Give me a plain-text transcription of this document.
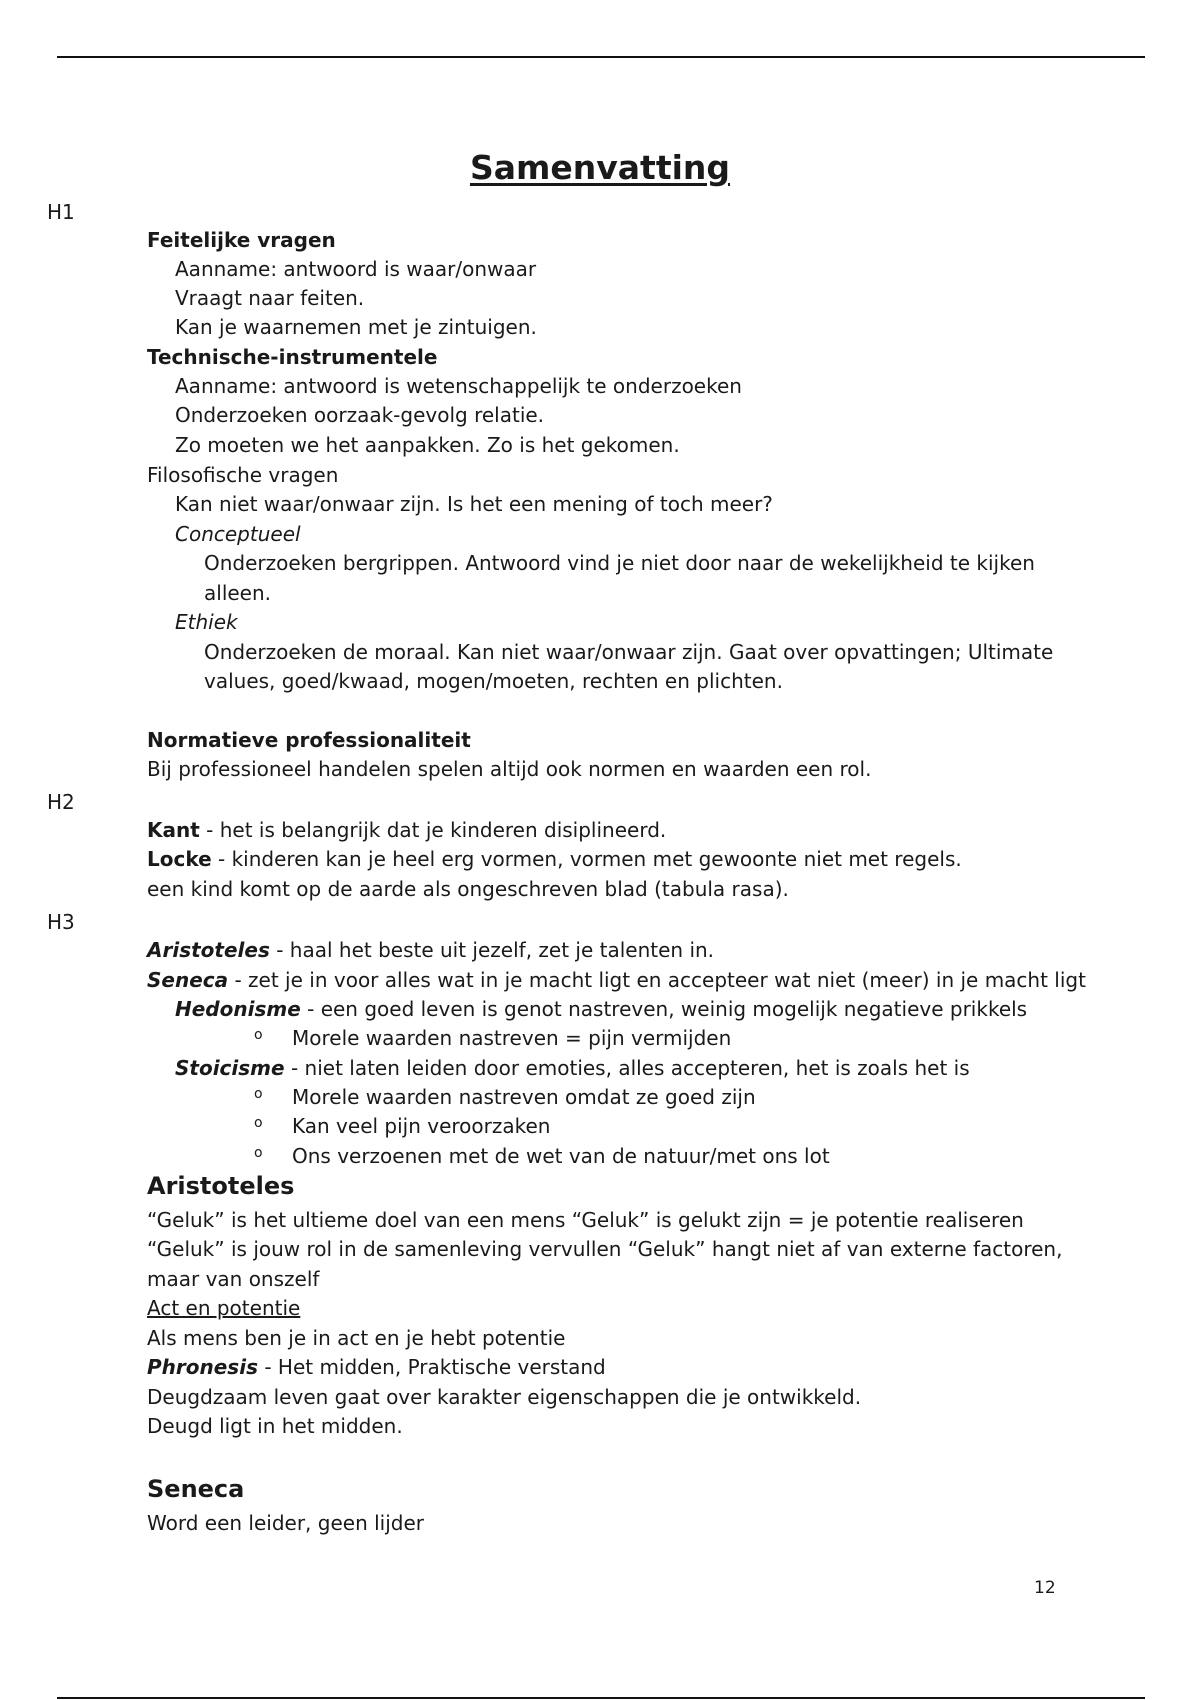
Samenvatting
H1
Feitelijke vragen
Aanname: antwoord is waar/onwaar
Vraagt naar feiten.
Kan je waarnemen met je zintuigen.
Technische-instrumentele
Aanname: antwoord is wetenschappelijk te onderzoeken
Onderzoeken oorzaak-gevolg relatie.
Zo moeten we het aanpakken. Zo is het gekomen.
Filosofische vragen
Kan niet waar/onwaar zijn. Is het een mening of toch meer?
Conceptueel
Onderzoeken bergrippen. Antwoord vind je niet door naar de wekelijkheid te kijken
alleen.
Ethiek
Onderzoeken de moraal. Kan niet waar/onwaar zijn. Gaat over opvattingen; Ultimate
values, goed/kwaad, mogen/moeten, rechten en plichten.
Normatieve professionaliteit
Bij professioneel handelen spelen altijd ook normen en waarden een rol.
H2
Kant - het is belangrijk dat je kinderen disiplineerd.
Locke - kinderen kan je heel erg vormen, vormen met gewoonte niet met regels.
een kind komt op de aarde als ongeschreven blad (tabula rasa).
H3
Aristoteles - haal het beste uit jezelf, zet je talenten in.
Seneca - zet je in voor alles wat in je macht ligt en accepteer wat niet (meer) in je macht ligt
Hedonisme - een goed leven is genot nastreven, weinig mogelijk negatieve prikkels
o Morele waarden nastreven = pijn vermijden
Stoicisme - niet laten leiden door emoties, alles accepteren, het is zoals het is
o Morele waarden nastreven omdat ze goed zijn
o Kan veel pijn veroorzaken
o Ons verzoenen met de wet van de natuur/met ons lot
Aristoteles
“Geluk” is het ultieme doel van een mens “Geluk” is gelukt zijn = je potentie realiseren
“Geluk” is jouw rol in de samenleving vervullen “Geluk” hangt niet af van externe factoren,
maar van onszelf
Act en potentie
Als mens ben je in act en je hebt potentie
Phronesis - Het midden, Praktische verstand
Deugdzaam leven gaat over karakter eigenschappen die je ontwikkeld.
Deugd ligt in het midden.
Seneca
Word een leider, geen lijder
12
